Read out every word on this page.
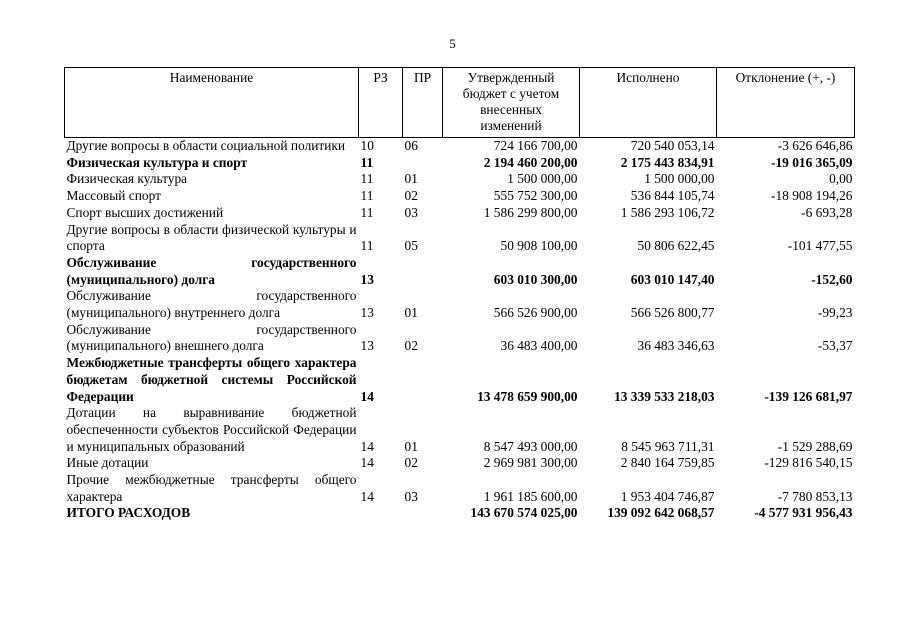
5
Наименование	РЗ	ПР	Утвержденный бюджет с учетом внесенных изменений	Исполнено	Отклонение (+, -)
Другие вопросы в области социальной политики	10	06	724 166 700,00	720 540 053,14	-3 626 646,86
Физическая культура и спорт	11		2 194 460 200,00	2 175 443 834,91	-19 016 365,09
Физическая культура	11	01	1 500 000,00	1 500 000,00	0,00
Массовый спорт	11	02	555 752 300,00	536 844 105,74	-18 908 194,26
Спорт высших достижений	11	03	1 586 299 800,00	1 586 293 106,72	-6 693,28
Другие вопросы в области физической культуры и спорта	11	05	50 908 100,00	50 806 622,45	-101 477,55
Обслуживание государственного (муниципального) долга	13		603 010 300,00	603 010 147,40	-152,60
Обслуживание государственного (муниципального) внутреннего долга	13	01	566 526 900,00	566 526 800,77	-99,23
Обслуживание государственного (муниципального) внешнего долга	13	02	36 483 400,00	36 483 346,63	-53,37
Межбюджетные трансферты общего характера бюджетам бюджетной системы Российской Федерации	14		13 478 659 900,00	13 339 533 218,03	-139 126 681,97
Дотации на выравнивание бюджетной обеспеченности субъектов Российской Федерации и муниципальных образований	14	01	8 547 493 000,00	8 545 963 711,31	-1 529 288,69
Иные дотации	14	02	2 969 981 300,00	2 840 164 759,85	-129 816 540,15
Прочие межбюджетные трансферты общего характера	14	03	1 961 185 600,00	1 953 404 746,87	-7 780 853,13
ИТОГО РАСХОДОВ			143 670 574 025,00	139 092 642 068,57	-4 577 931 956,43
